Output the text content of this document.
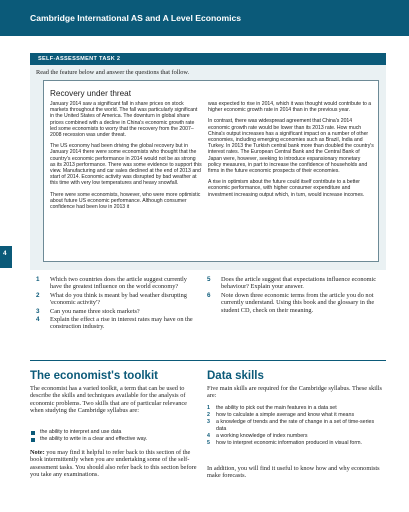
Cambridge International AS and A Level Economics
4
SELF-ASSESSMENT TASK 2
Read the feature below and answer the questions that follow.
Recovery under threat

January 2014 saw a significant fall in share prices on stock markets throughout the world. The fall was particularly significant in the United States of America. The downturn in global share prices combined with a decline in China's economic growth rate led some economists to worry that the recovery from the 2007–2008 recession was under threat.

The US economy had been driving the global recovery but in January 2014 there were some economists who thought that the country's economic performance in 2014 would not be as strong as its 2013 performance. There was some evidence to support this view. Manufacturing and car sales declined at the end of 2013 and start of 2014. Economic activity was disrupted by bad weather at this time with very low temperatures and heavy snowfall.

There were some economists, however, who were more optimistic about future US economic performance. Although consumer confidence had been low in 2013 it

was expected to rise in 2014, which it was thought would contribute to a higher economic growth rate in 2014 than in the previous year.

In contrast, there was widespread agreement that China's 2014 economic growth rate would be lower than its 2013 rate. How much China's output increases has a significant impact on a number of other economies, including emerging economies such as Brazil, India and Turkey. In 2013 the Turkish central bank more than doubled the country's interest rates. The European Central Bank and the Central Bank of Japan were, however, seeking to introduce expansionary monetary policy measures, in part to increase the confidence of households and firms in the future economic prospects of their economies.

A rise in optimism about the future could itself contribute to a better economic performance, with higher consumer expenditure and investment increasing output which, in turn, would increase incomes.

1 Which two countries does the article suggest currently have the greatest influence on the world economy?
2 What do you think is meant by bad weather disrupting 'economic activity'?
3 Can you name three stock markets?
4 Explain the effect a rise in interest rates may have on the construction industry.
5 Does the article suggest that expectations influence economic behaviour? Explain your answer.
6 Note down three economic terms from the article you do not currently understand. Using this book and the glossary in the student CD, check on their meaning.
The economist's toolkit
The economist has a varied toolkit, a term that can be used to describe the skills and techniques available for the analysis of economic problems. Two skills that are of particular relevance when studying the Cambridge syllabus are:
the ability to interpret and use data
the ability to write in a clear and effective way.
Note: you may find it helpful to refer back to this section of the book intermittently when you are undertaking some of the self-assessment tasks. You should also refer back to this section before you take any examinations.
Data skills
Five main skills are required for the Cambridge syllabus. These skills are:
1 the ability to pick out the main features in a data set
2 how to calculate a simple average and know what it means
3 a knowledge of trends and the rate of change in a set of time-series data
4 a working knowledge of index numbers
5 how to interpret economic information produced in visual form.
In addition, you will find it useful to know how and why economists make forecasts.
